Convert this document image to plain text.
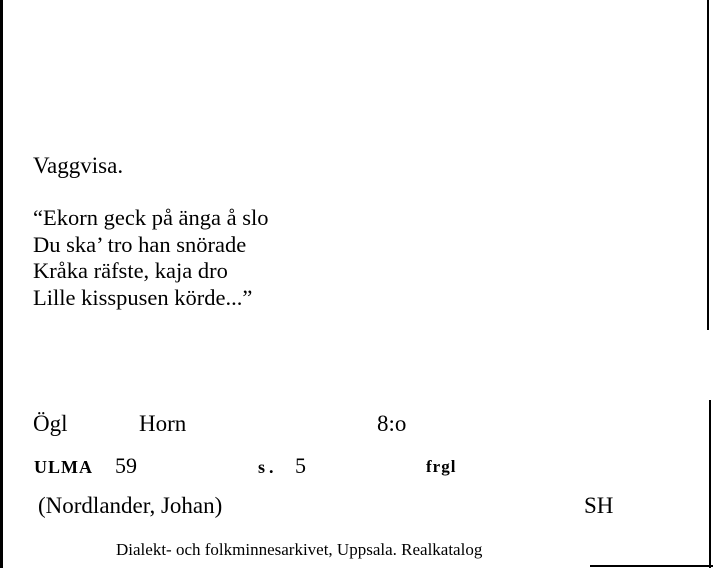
Vaggvisa.
“Ekorn geck på änga å slo
Du ska’ tro han snörade
Kråka räfste, kaja dro
Lille kisspusen körde...”
Ögl	Horn	8:o
ULMA 59	s. 5	frgl
(Nordlander, Johan)	SH
Dialekt- och folkminnesarkivet, Uppsala. Realkatalog
